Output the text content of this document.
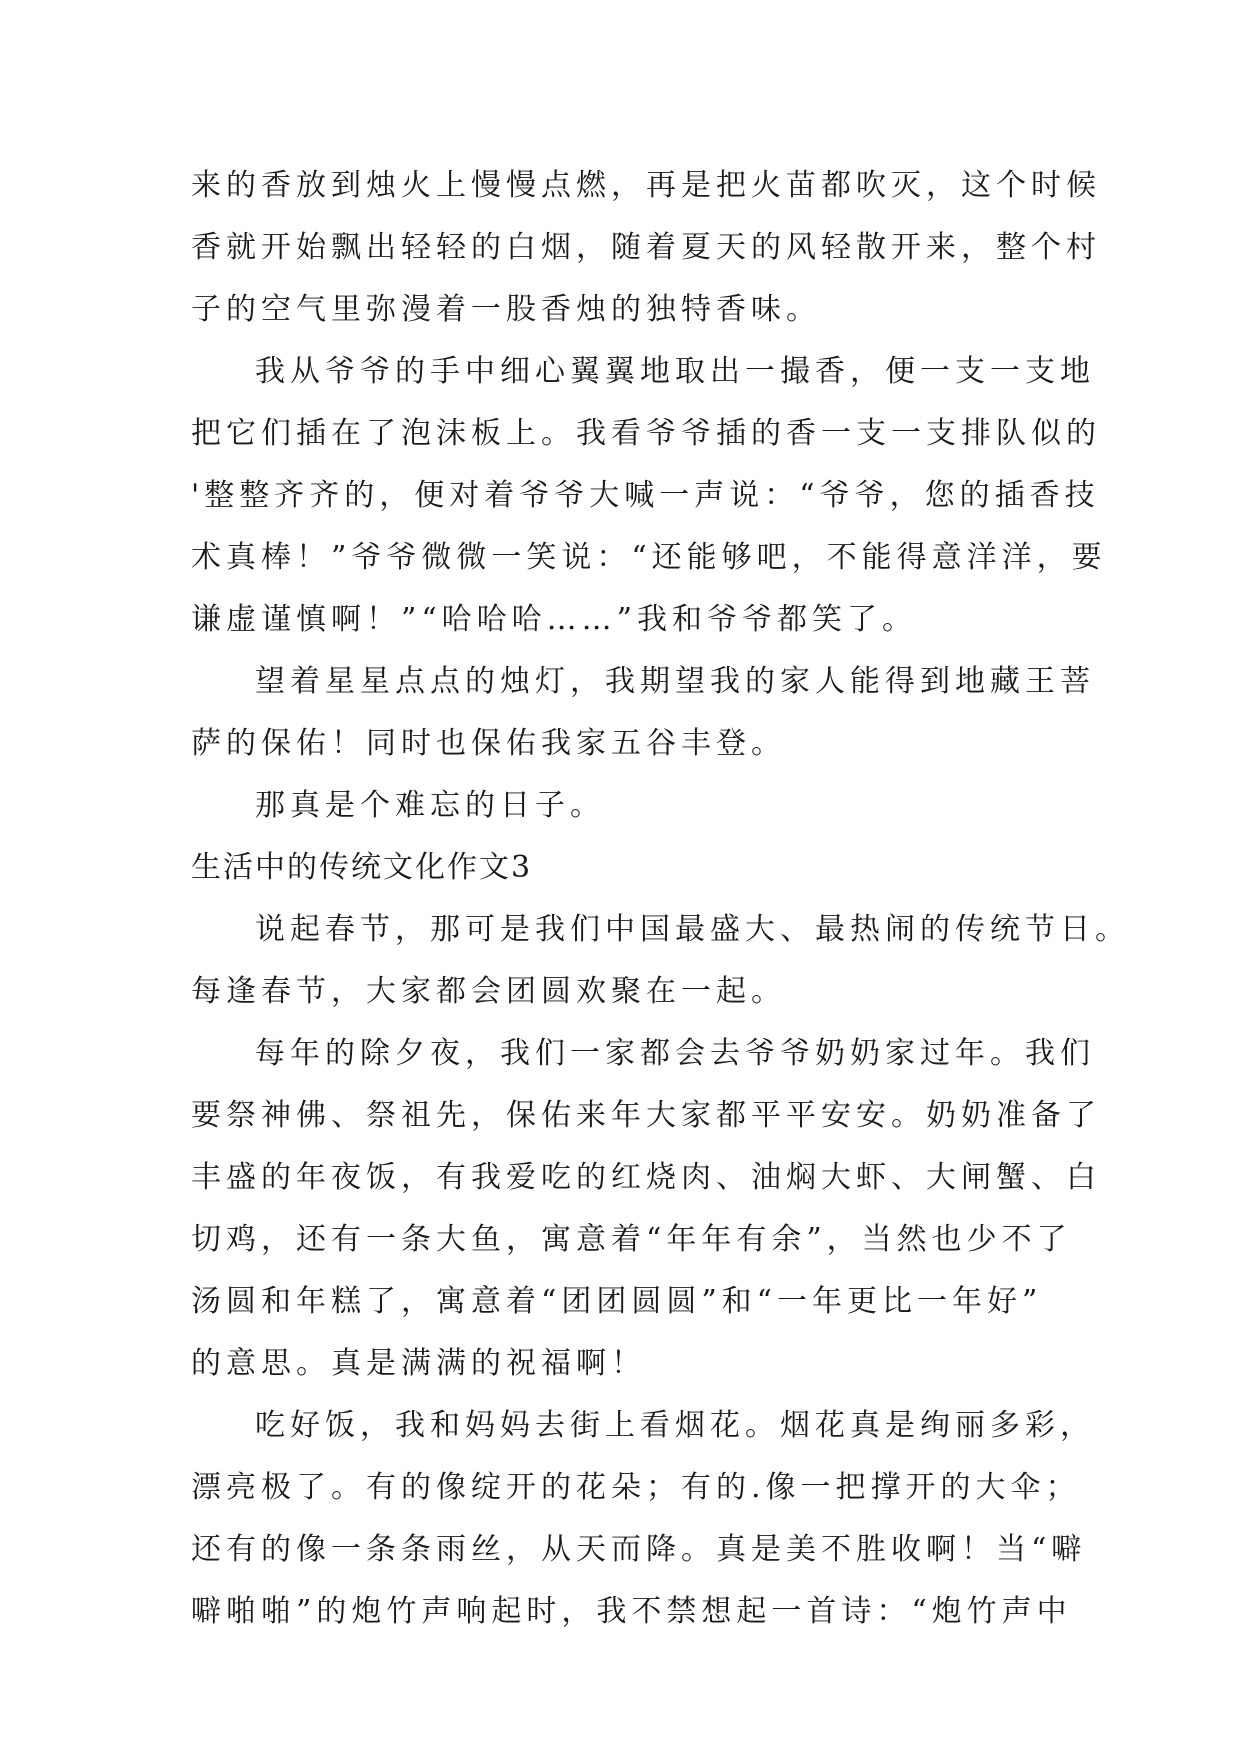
来的香放到烛火上慢慢点燃，再是把火苗都吹灭，这个时候
香就开始飘出轻轻的白烟，随着夏天的风轻散开来，整个村
子的空气里弥漫着一股香烛的独特香味。
我从爷爷的手中细心翼翼地取出一撮香，便一支一支地
把它们插在了泡沫板上。我看爷爷插的香一支一支排队似的
'整整齐齐的，便对着爷爷大喊一声说：“爷爷，您的插香技
术真棒！”爷爷微微一笑说：“还能够吧，不能得意洋洋，要
谦虚谨慎啊！”“哈哈哈……”我和爷爷都笑了。
望着星星点点的烛灯，我期望我的家人能得到地藏王菩
萨的保佑！同时也保佑我家五谷丰登。
那真是个难忘的日子。
生活中的传统文化作文3
说起春节，那可是我们中国最盛大、最热闹的传统节日。
每逢春节，大家都会团圆欢聚在一起。
每年的除夕夜，我们一家都会去爷爷奶奶家过年。我们
要祭神佛、祭祖先，保佑来年大家都平平安安。奶奶准备了
丰盛的年夜饭，有我爱吃的红烧肉、油焖大虾、大闸蟹、白
切鸡，还有一条大鱼，寓意着“年年有余”，当然也少不了
汤圆和年糕了，寓意着“团团圆圆”和“一年更比一年好”
的意思。真是满满的祝福啊！
吃好饭，我和妈妈去街上看烟花。烟花真是绚丽多彩，
漂亮极了。有的像绽开的花朵；有的.像一把撑开的大伞；
还有的像一条条雨丝，从天而降。真是美不胜收啊！当“噼
噼啪啪”的炮竹声响起时，我不禁想起一首诗：“炮竹声中
